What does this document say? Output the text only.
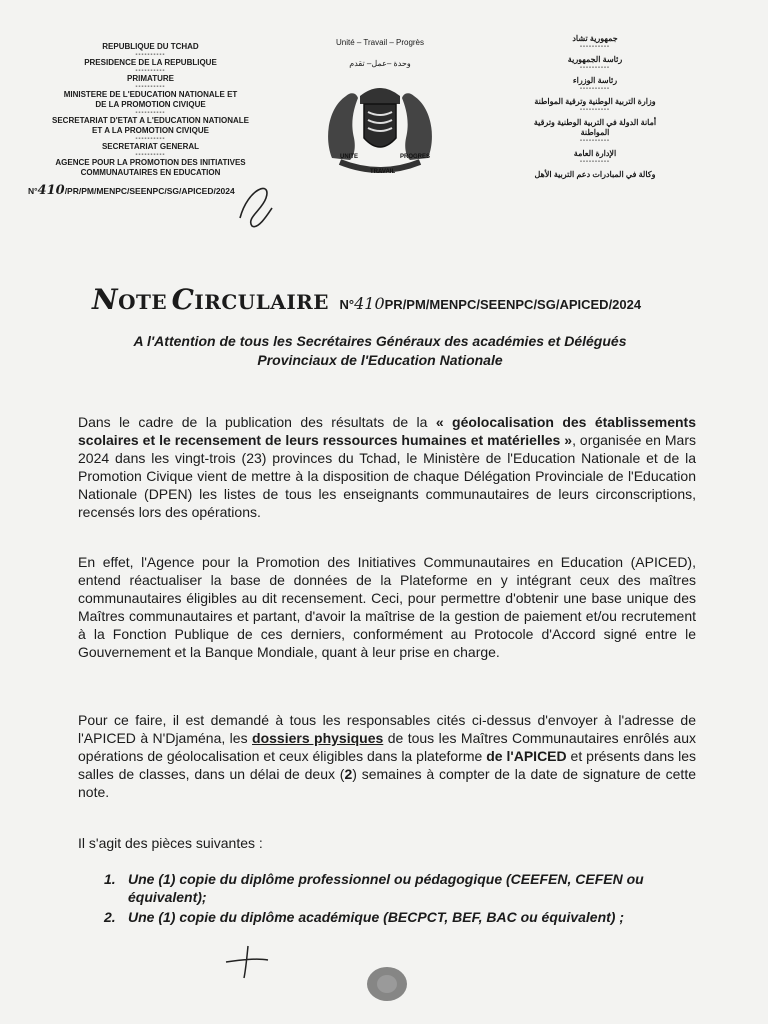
REPUBLIQUE DU TCHAD
----------
PRESIDENCE DE LA REPUBLIQUE
----------
PRIMATURE
----------
MINISTERE DE L'EDUCATION NATIONALE ET
DE LA PROMOTION CIVIQUE
----------
SECRETARIAT D'ETAT A L'EDUCATION NATIONALE
ET A LA PROMOTION CIVIQUE
----------
SECRETARIAT GENERAL
----------
AGENCE POUR LA PROMOTION DES INITIATIVES
COMMUNAUTAIRES EN EDUCATION
N°410/PR/PM/MENPC/SEENPC/SG/APICED/2024
Unité – Travail – Progrès
وحدة –عمل– تقدم
UNITE	PROGRES
TRAVAIL
جمهورية تشاد
----------
رئاسة الجمهورية
----------
رئاسة الوزراء
----------
وزارة التربية الوطنية وترقية المواطنة
----------
أمانة الدولة في التربية الوطنية وترقية المواطنة
----------
الإدارة العامة
----------
وكالة في المبادرات دعم التربية الأهل
NOTE CIRCULAIRE N°410PR/PM/MENPC/SEENPC/SG/APICED/2024
A l'Attention de tous les Secrétaires Généraux des académies et Délégués Provinciaux de l'Education Nationale
Dans le cadre de la publication des résultats de la « géolocalisation des établissements scolaires et le recensement de leurs ressources humaines et matérielles », organisée en Mars 2024 dans les vingt-trois (23) provinces du Tchad, le Ministère de l'Education Nationale et de la Promotion Civique vient de mettre à la disposition de chaque Délégation Provinciale de l'Education Nationale (DPEN) les listes de tous les enseignants communautaires de leurs circonscriptions, recensés lors des opérations.
En effet, l'Agence pour la Promotion des Initiatives Communautaires en Education (APICED), entend réactualiser la base de données de la Plateforme en y intégrant ceux des maîtres communautaires éligibles au dit recensement. Ceci, pour permettre d'obtenir une base unique des Maîtres communautaires et partant, d'avoir la maîtrise de la gestion de paiement et/ou recrutement à la Fonction Publique de ces derniers, conformément au Protocole d'Accord signé entre le Gouvernement et la Banque Mondiale, quant à leur prise en charge.
Pour ce faire, il est demandé à tous les responsables cités ci-dessus d'envoyer à l'adresse de l'APICED à N'Djaména, les dossiers physiques de tous les Maîtres Communautaires enrôlés aux opérations de géolocalisation et ceux éligibles dans la plateforme de l'APICED et présents dans les salles de classes, dans un délai de deux (2) semaines à compter de la date de signature de cette note.
Il s'agit des pièces suivantes :
1. Une (1) copie du diplôme professionnel ou pédagogique (CEEFEN, CEFEN ou équivalent);
2. Une (1) copie du diplôme académique (BECPCT, BEF, BAC ou équivalent) ;
